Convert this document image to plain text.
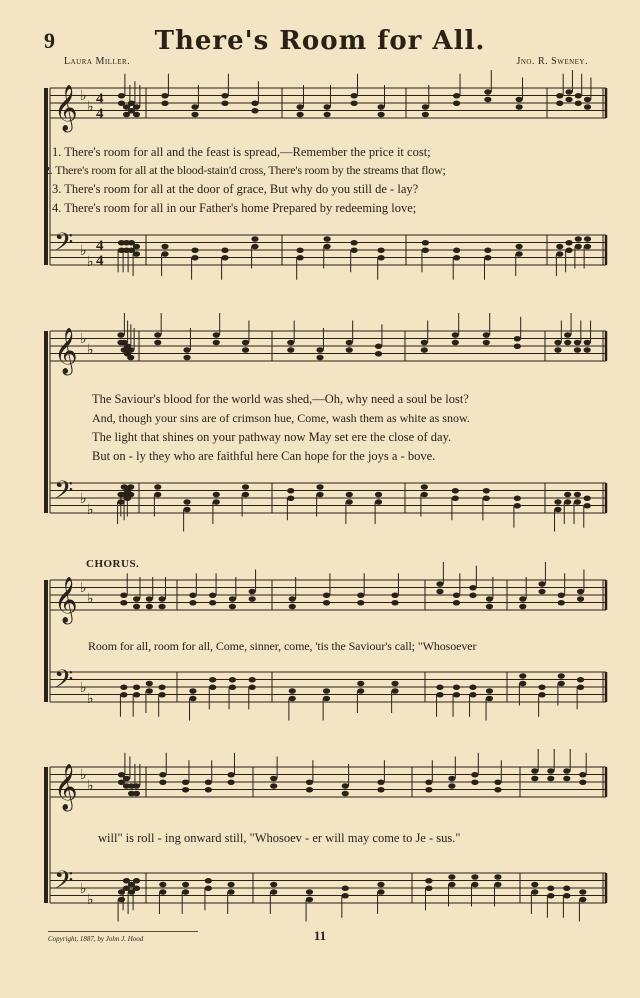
𝄞 ♭
♭
4
4
𝄢 ♭
♭
4
4
𝄞 ♭
♭
𝄢 ♭
♭
𝄞 ♭
♭
𝄢 ♭
♭
𝄞 ♭
♭
𝄢 ♭
♭
9	There's Room for All.
Laura Miller.	Jno. R. Sweney.
1. There's room for all and the feast is spread,—Remember the price it cost;
2. There's room for all at the blood-stain'd cross, There's room by the streams that flow;
3. There's room for all at the door of grace, But why do you still de - lay?
4. There's room for all in our Father's home Prepared by redeeming love;
The Saviour's blood for the world was shed,—Oh, why need a soul be lost?
And, though your sins are of crimson hue, Come, wash them as white as snow.
The light that shines on your pathway now May set ere the close of day.
But on - ly they who are faithful here Can hope for the joys a - bove.
CHORUS.
Room for all, room for all, Come, sinner, come, 'tis the Saviour's call; "Whosoever
will" is roll - ing onward still, "Whosoev - er will may come to Je - sus."
Copyright, 1887, by John J. Hood	11
